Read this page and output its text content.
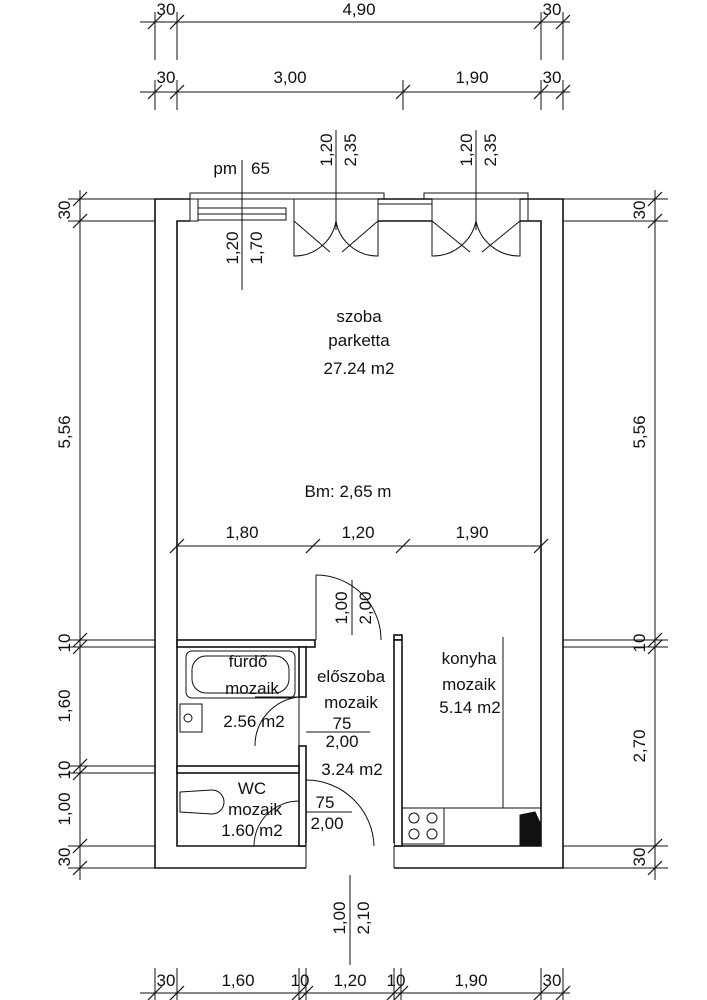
30	4,90	30
30	3,00	1,90	30
30
5,56
10
1,60
10
1,00
30
30
5,56
10
2,70
30
30	1,60 10 1,20 10	1,90	30
pm 65
1,20 1,70
1,20 2,35	1,20 2,35
szoba
parketta
27.24 m2
Bm: 2,65 m
1,80	1,20	1,90
1,00 2,00
fürdő
mozaik
2.56 m2
előszoba
mozaik
75
2,00
3.24 m2
konyha
mozaik
5.14 m2
WC
mozaik
1.60 m2
75
2,00
1,00 2,10
